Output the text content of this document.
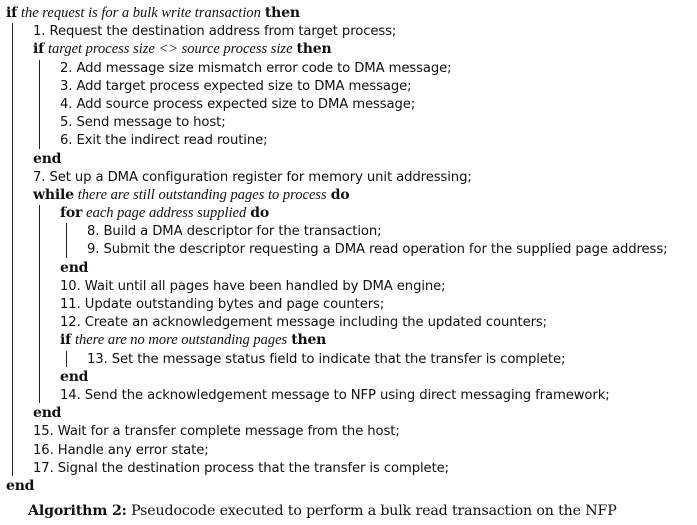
if the request is for a bulk write transaction then
1. Request the destination address from target process;
if target process size <> source process size then
2. Add message size mismatch error code to DMA message;
3. Add target process expected size to DMA message;
4. Add source process expected size to DMA message;
5. Send message to host;
6. Exit the indirect read routine;
end
7. Set up a DMA configuration register for memory unit addressing;
while there are still outstanding pages to process do
for each page address supplied do
8. Build a DMA descriptor for the transaction;
9. Submit the descriptor requesting a DMA read operation for the supplied page address;
end
10. Wait until all pages have been handled by DMA engine;
11. Update outstanding bytes and page counters;
12. Create an acknowledgement message including the updated counters;
if there are no more outstanding pages then
13. Set the message status field to indicate that the transfer is complete;
end
14. Send the acknowledgement message to NFP using direct messaging framework;
end
15. Wait for a transfer complete message from the host;
16. Handle any error state;
17. Signal the destination process that the transfer is complete;
end
Algorithm 2: Pseudocode executed to perform a bulk read transaction on the NFP
